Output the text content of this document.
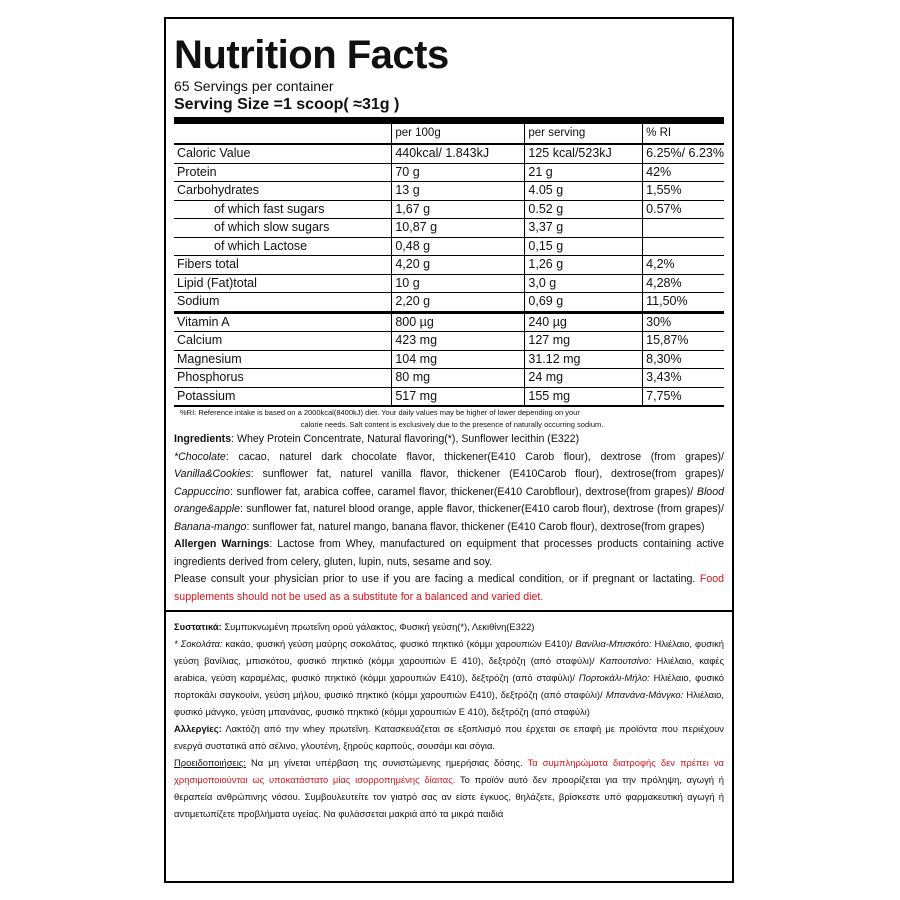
Nutrition Facts
65 Servings per container
Serving Size =1 scoop( ≈31g )
	per 100g	per serving	% RI
Caloric Value	440kcal/ 1.843kJ	125 kcal/523kJ	6.25%/ 6.23%
Protein	70 g	21 g	42%
Carbohydrates	13 g	4.05 g	1,55%
of which fast sugars	1,67 g	0.52 g	0.57%
of which slow sugars	10,87 g	3,37 g	
of which Lactose	0,48 g	0,15 g	
Fibers total	4,20 g	1,26 g	4,2%
Lipid (Fat)total	10 g	3,0 g	4,28%
Sodium	2,20 g	0,69 g	11,50%
Vitamin A	800 µg	240 µg	30%
Calcium	423 mg	127 mg	15,87%
Magnesium	104 mg	31.12 mg	8,30%
Phosphorus	80 mg	24 mg	3,43%
Potassium	517 mg	155 mg	7,75%
%RI: Reference intake is based on a 2000kcal(8400kJ) diet. Your daily values may be higher of lower depending on your
calorie needs. Salt content is exclusively due to the presence of naturally occurring sodium.
Ingredients: Whey Protein Concentrate, Natural flavoring(*), Sunflower lecithin (E322)
*Chocolate: cacao, naturel dark chocolate flavor, thickener(E410 Carob flour), dextrose (from grapes)/ Vanilla&Cookies: sunflower fat, naturel vanilla flavor, thickener (E410Carob flour), dextrose(from grapes)/ Cappuccino: sunflower fat, arabica coffee, caramel flavor, thickener(E410 Carobflour), dextrose(from grapes)/ Blood orange&apple: sunflower fat, naturel blood orange, apple flavor, thickener(E410 carob flour), dextrose (from grapes)/ Banana-mango: sunflower fat, naturel mango, banana flavor, thickener (E410 Carob flour), dextrose(from grapes)
Allergen Warnings: Lactose from Whey, manufactured on equipment that processes products containing active ingredients derived from celery, gluten, lupin, nuts, sesame and soy.
Please consult your physician prior to use if you are facing a medical condition, or if pregnant or lactating. Food supplements should not be used as a substitute for a balanced and varied diet.

Συστατικά: Συμπυκνωμένη πρωτεΐνη ορού γάλακτος, Φυσική γεύση(*), Λεκιθίνη(Ε322)

* Σοκολάτα: κακάο, φυσική γεύση μαύρης σοκολάτας, φυσικό πηκτικό (κόμμι χαρουπιών Ε410)/ Βανίλια-Μπισκότο: Ηλιέλαιο, φυσική γεύση βανίλιας, μπισκότου, φυσικό πηκτικό (κόμμι χαρουπιών Ε 410), δεξτρόζη (από σταφύλι)/ Καπουτσίνο: Ηλιέλαιο, καφές arabica, γεύση καραμέλας, φυσικό πηκτικό (κόμμι χαρουπιών Ε410), δεξτρόζη (από σταφύλι)/ Πορτοκάλι-Μήλο: Ηλιέλαιο, φυσικό πορτοκάλι σαγκουίνι, γεύση μήλου, φυσικό πηκτικό (κόμμι χαρουπιών Ε410), δεξτρόζη (από σταφύλι)/ Μπανάνα-Μάνγκο: Ηλιέλαιο, φυσικό μάνγκο, γεύση μπανάνας, φυσικό πηκτικό (κόμμι χαρουπιών Ε 410), δεξτρόζη (από σταφύλι)

Αλλεργίες: Λακτόζη από την whey πρωτεΐνη. Κατασκευάζεται σε εξοπλισμό που έρχεται σε επαφή με προϊόντα που περιέχουν ενεργά συστατικά από σέλινο, γλουτένη, ξηρούς καρπούς, σουσάμι και σόγια.

Προειδοποιήσεις: Να μη γίνεται υπέρβαση της συνιστώμενης ημερήσιας δόσης. Τα συμπληρώματα διατροφής δεν πρέπει να χρησιμοποιούνται ως υποκατάστατο μίας ισορροπημένης δίαιτας. Το προϊόν αυτό δεν προορίζεται για την πρόληψη, αγωγή ή θεραπεία ανθρώπινης νόσου. Συμβουλευτείτε τον γιατρό σας αν είστε έγκυος, θηλάζετε, βρίσκεστε υπό φαρμακευτική αγωγή ή αντιμετωπίζετε προβλήματα υγείας. Να φυλάσσεται μακριά από τα μικρά παιδιά
